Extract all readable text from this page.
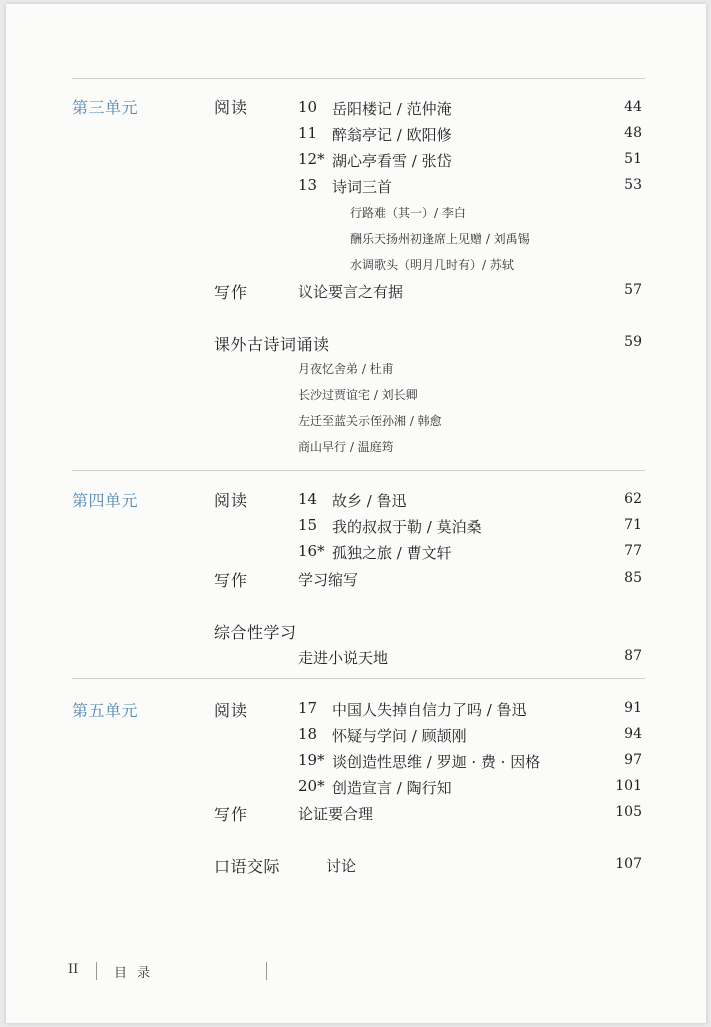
第三单元	阅读	10 岳阳楼记 / 范仲淹	44
11 醉翁亭记 / 欧阳修	48
12* 湖心亭看雪 / 张岱	51
13 诗词三首	53
行路难（其一）/ 李白
酬乐天扬州初逢席上见赠 / 刘禹锡
水调歌头（明月几时有）/ 苏轼
写作	议论要言之有据	57
课外古诗词诵读	59
月夜忆舍弟 / 杜甫
长沙过贾谊宅 / 刘长卿
左迁至蓝关示侄孙湘 / 韩愈
商山早行 / 温庭筠
第四单元	阅读	14 故乡 / 鲁迅	62
15 我的叔叔于勒 / 莫泊桑	71
16* 孤独之旅 / 曹文轩	77
写作	学习缩写	85
综合性学习
走进小说天地	87
第五单元	阅读	17 中国人失掉自信力了吗 / 鲁迅	91
18 怀疑与学问 / 顾颉刚	94
19* 谈创造性思维 / 罗迦 · 费 · 因格	97
20* 创造宣言 / 陶行知	101
写作	论证要合理	105
口语交际	讨论	107
II	目 录
